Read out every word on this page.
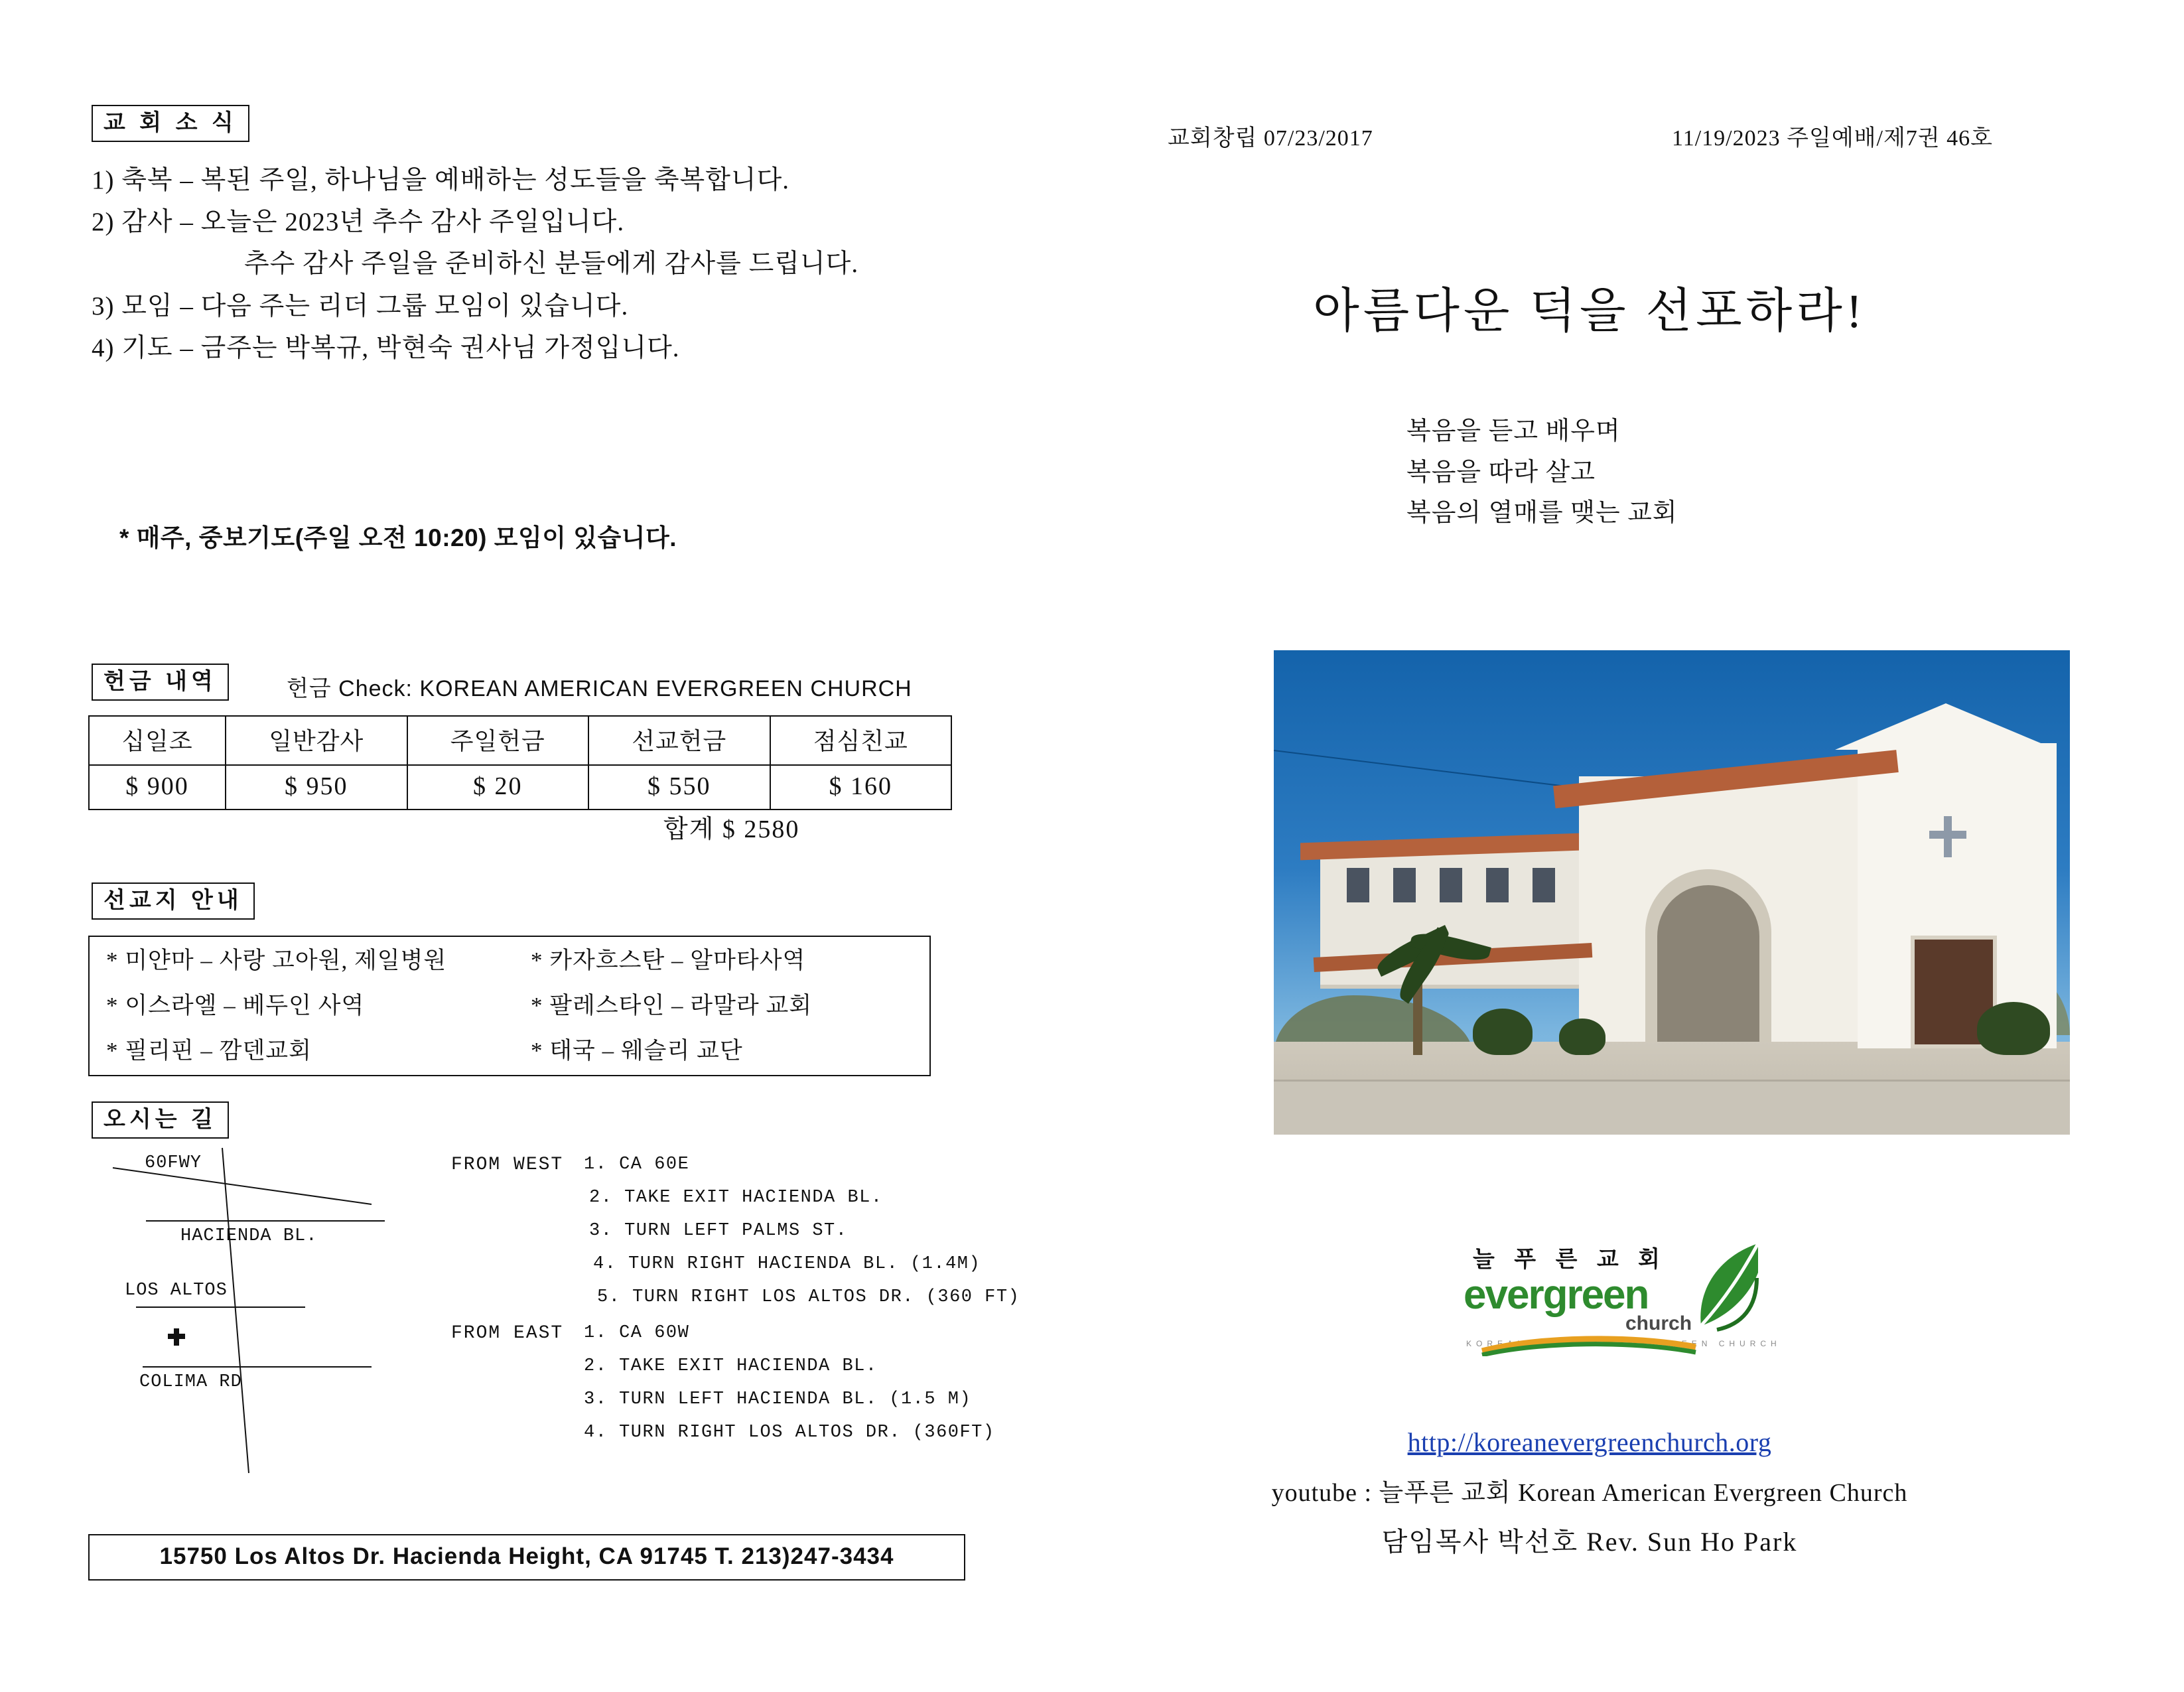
교 회 소 식
1) 축복 – 복된 주일, 하나님을 예배하는 성도들을 축복합니다.
2) 감사 – 오늘은 2023년 추수 감사 주일입니다.
추수 감사 주일을 준비하신 분들에게 감사를 드립니다.
3) 모임 – 다음 주는 리더 그룹 모임이 있습니다.
4) 기도 – 금주는 박복규, 박현숙 권사님 가정입니다.
* 매주, 중보기도(주일 오전 10:20) 모임이 있습니다.
헌금 내역	헌금 Check: KOREAN AMERICAN EVERGREEN CHURCH
십일조	일반감사	주일헌금	선교헌금	점심친교
$ 900	$ 950	$ 20	$ 550	$ 160
합계 $ 2580
선교지 안내
* 미얀마 – 사랑 고아원, 제일병원	* 카자흐스탄 – 알마타사역
* 이스라엘 – 베두인 사역	* 팔레스타인 – 라말라 교회
* 필리핀 – 깜덴교회	* 태국 – 웨슬리 교단
오시는 길
60FWY
HACIENDA BL.
LOS ALTOS
COLIMA RD
FROM WEST 1. CA 60E
2. TAKE EXIT HACIENDA BL.
3. TURN LEFT PALMS ST.
4. TURN RIGHT HACIENDA BL. (1.4M)
5. TURN RIGHT LOS ALTOS DR. (360 FT)
FROM EAST 1. CA 60W
2. TAKE EXIT HACIENDA BL.
3. TURN LEFT HACIENDA BL. (1.5 M)
4. TURN RIGHT LOS ALTOS DR. (360FT)
15750 Los Altos Dr. Hacienda Height, CA 91745 T. 213)247-3434
교회창립 07/23/2017	11/19/2023 주일예배/제7권 46호
아름다운 덕을 선포하라!
복음을 듣고 배우며
복음을 따라 살고
복음의 열매를 맺는 교회
늘 푸 른 교 회
evergreen
church
KOREAN AMERICAN EVERGREEN CHURCH
http://koreanevergreenchurch.org
youtube : 늘푸른 교회 Korean American Evergreen Church
담임목사 박선호 Rev. Sun Ho Park
